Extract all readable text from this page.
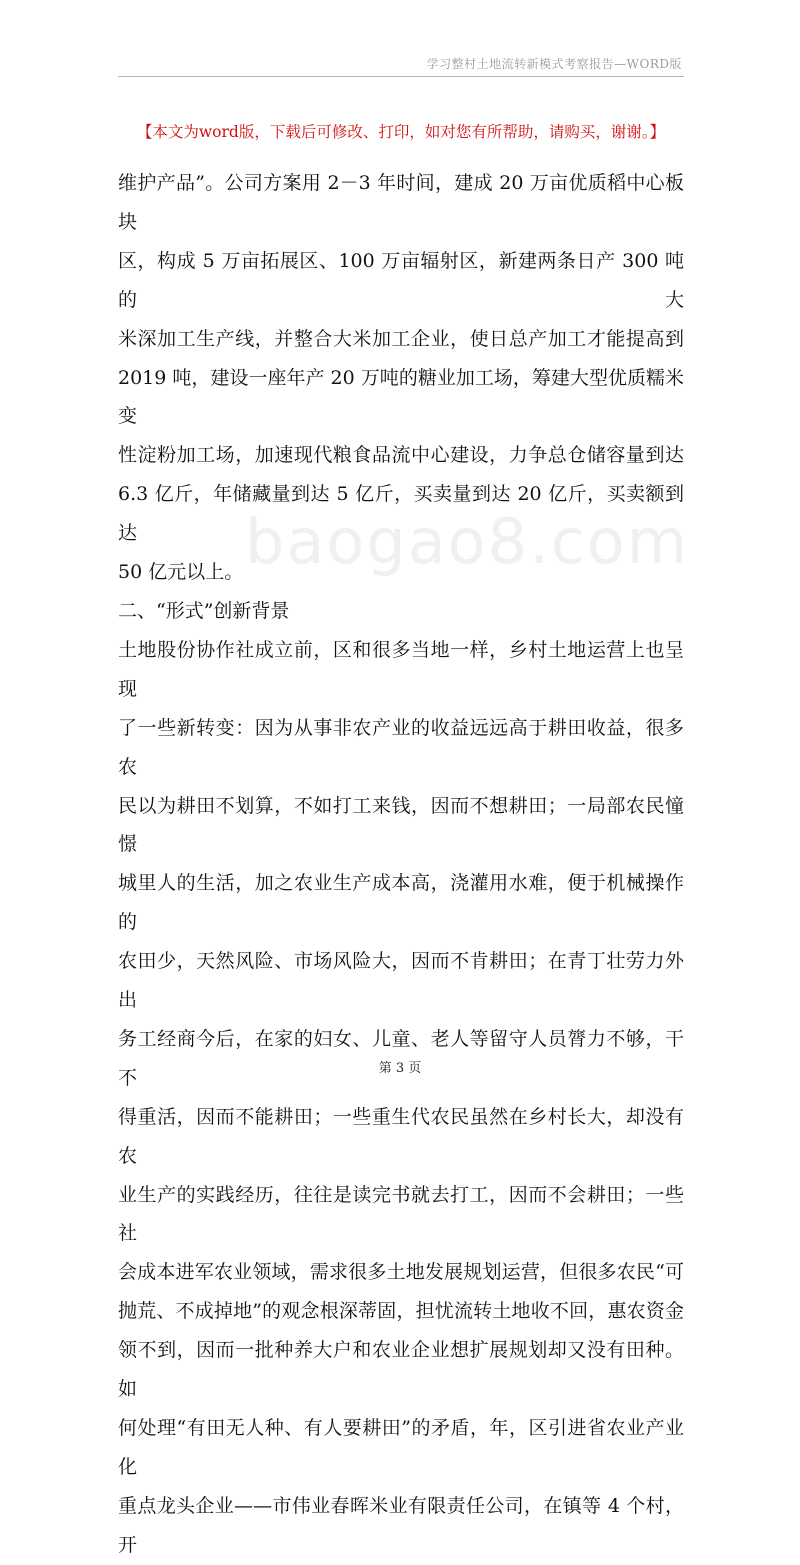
学习整村土地流转新模式考察报告—WORD版
【本文为word版，下载后可修改、打印，如对您有所帮助，请购买，谢谢。】
baogao8.com

维护产品”。公司方案用 2－3 年时间，建成 20 万亩优质稻中心板块

区，构成 5 万亩拓展区、100 万亩辐射区，新建两条日产 300 吨的大

米深加工生产线，并整合大米加工企业，使日总产加工才能提高到

2019 吨，建设一座年产 20 万吨的糖业加工场，筹建大型优质糯米变

性淀粉加工场，加速现代粮食品流中心建设，力争总仓储容量到达

6.3 亿斤，年储藏量到达 5 亿斤，买卖量到达 20 亿斤，买卖额到达

50 亿元以上。

二、“形式”创新背景

土地股份协作社成立前，区和很多当地一样，乡村土地运营上也呈现

了一些新转变：因为从事非农产业的收益远远高于耕田收益，很多农

民以为耕田不划算，不如打工来钱，因而不想耕田；一局部农民憧憬

城里人的生活，加之农业生产成本高，浇灌用水难，便于机械操作的

农田少，天然风险、市场风险大，因而不肯耕田；在青丁壮劳力外出

务工经商今后，在家的妇女、儿童、老人等留守人员膂力不够，干不

得重活，因而不能耕田；一些重生代农民虽然在乡村长大，却没有农

业生产的实践经历，往往是读完书就去打工，因而不会耕田；一些社

会成本进军农业领域，需求很多土地发展规划运营，但很多农民“可

抛荒、不成掉地”的观念根深蒂固，担忧流转土地收不回，惠农资金

领不到，因而一批种养大户和农业企业想扩展规划却又没有田种。如

何处理“有田无人种、有人要耕田”的矛盾，年，区引进省农业产业化

重点龙头企业——市伟业春晖米业有限责任公司，在镇等 4 个村，开

第 3 页
